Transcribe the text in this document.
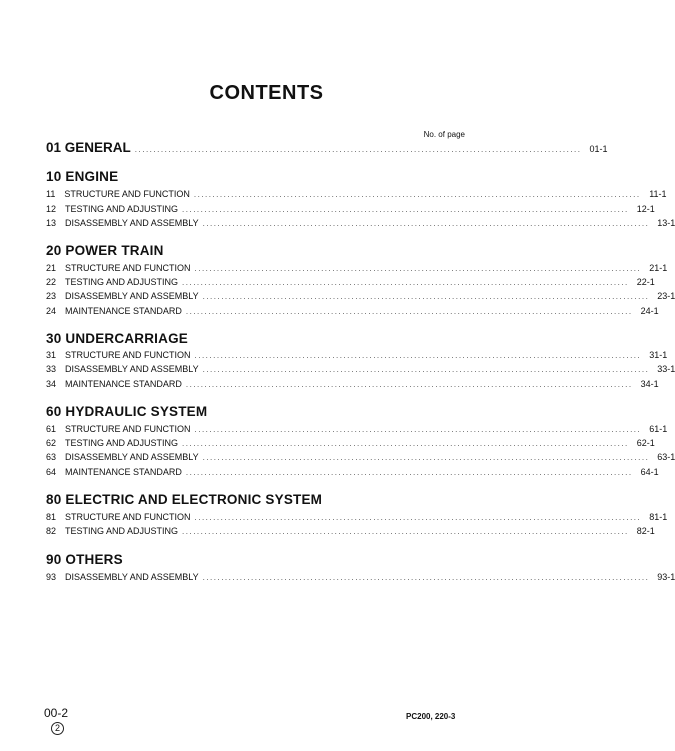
CONTENTS
No. of page
01 GENERAL ........................................................................................................................ 01-1
10 ENGINE
11 STRUCTURE AND FUNCTION ........................................................................................................................ 11-1
12 TESTING AND ADJUSTING ........................................................................................................................ 12-1
13 DISASSEMBLY AND ASSEMBLY ........................................................................................................................ 13-1
20 POWER TRAIN
21 STRUCTURE AND FUNCTION ........................................................................................................................ 21-1
22 TESTING AND ADJUSTING ........................................................................................................................ 22-1
23 DISASSEMBLY AND ASSEMBLY ........................................................................................................................ 23-1
24 MAINTENANCE STANDARD ........................................................................................................................ 24-1
30 UNDERCARRIAGE
31 STRUCTURE AND FUNCTION ........................................................................................................................ 31-1
33 DISASSEMBLY AND ASSEMBLY ........................................................................................................................ 33-1
34 MAINTENANCE STANDARD ........................................................................................................................ 34-1
60 HYDRAULIC SYSTEM
61 STRUCTURE AND FUNCTION ........................................................................................................................ 61-1
62 TESTING AND ADJUSTING ........................................................................................................................ 62-1
63 DISASSEMBLY AND ASSEMBLY ........................................................................................................................ 63-1
64 MAINTENANCE STANDARD ........................................................................................................................ 64-1
80 ELECTRIC AND ELECTRONIC SYSTEM
81 STRUCTURE AND FUNCTION ........................................................................................................................ 81-1
82 TESTING AND ADJUSTING ........................................................................................................................ 82-1
90 OTHERS
93 DISASSEMBLY AND ASSEMBLY ........................................................................................................................ 93-1
00-2
2
PC200, 220-3
